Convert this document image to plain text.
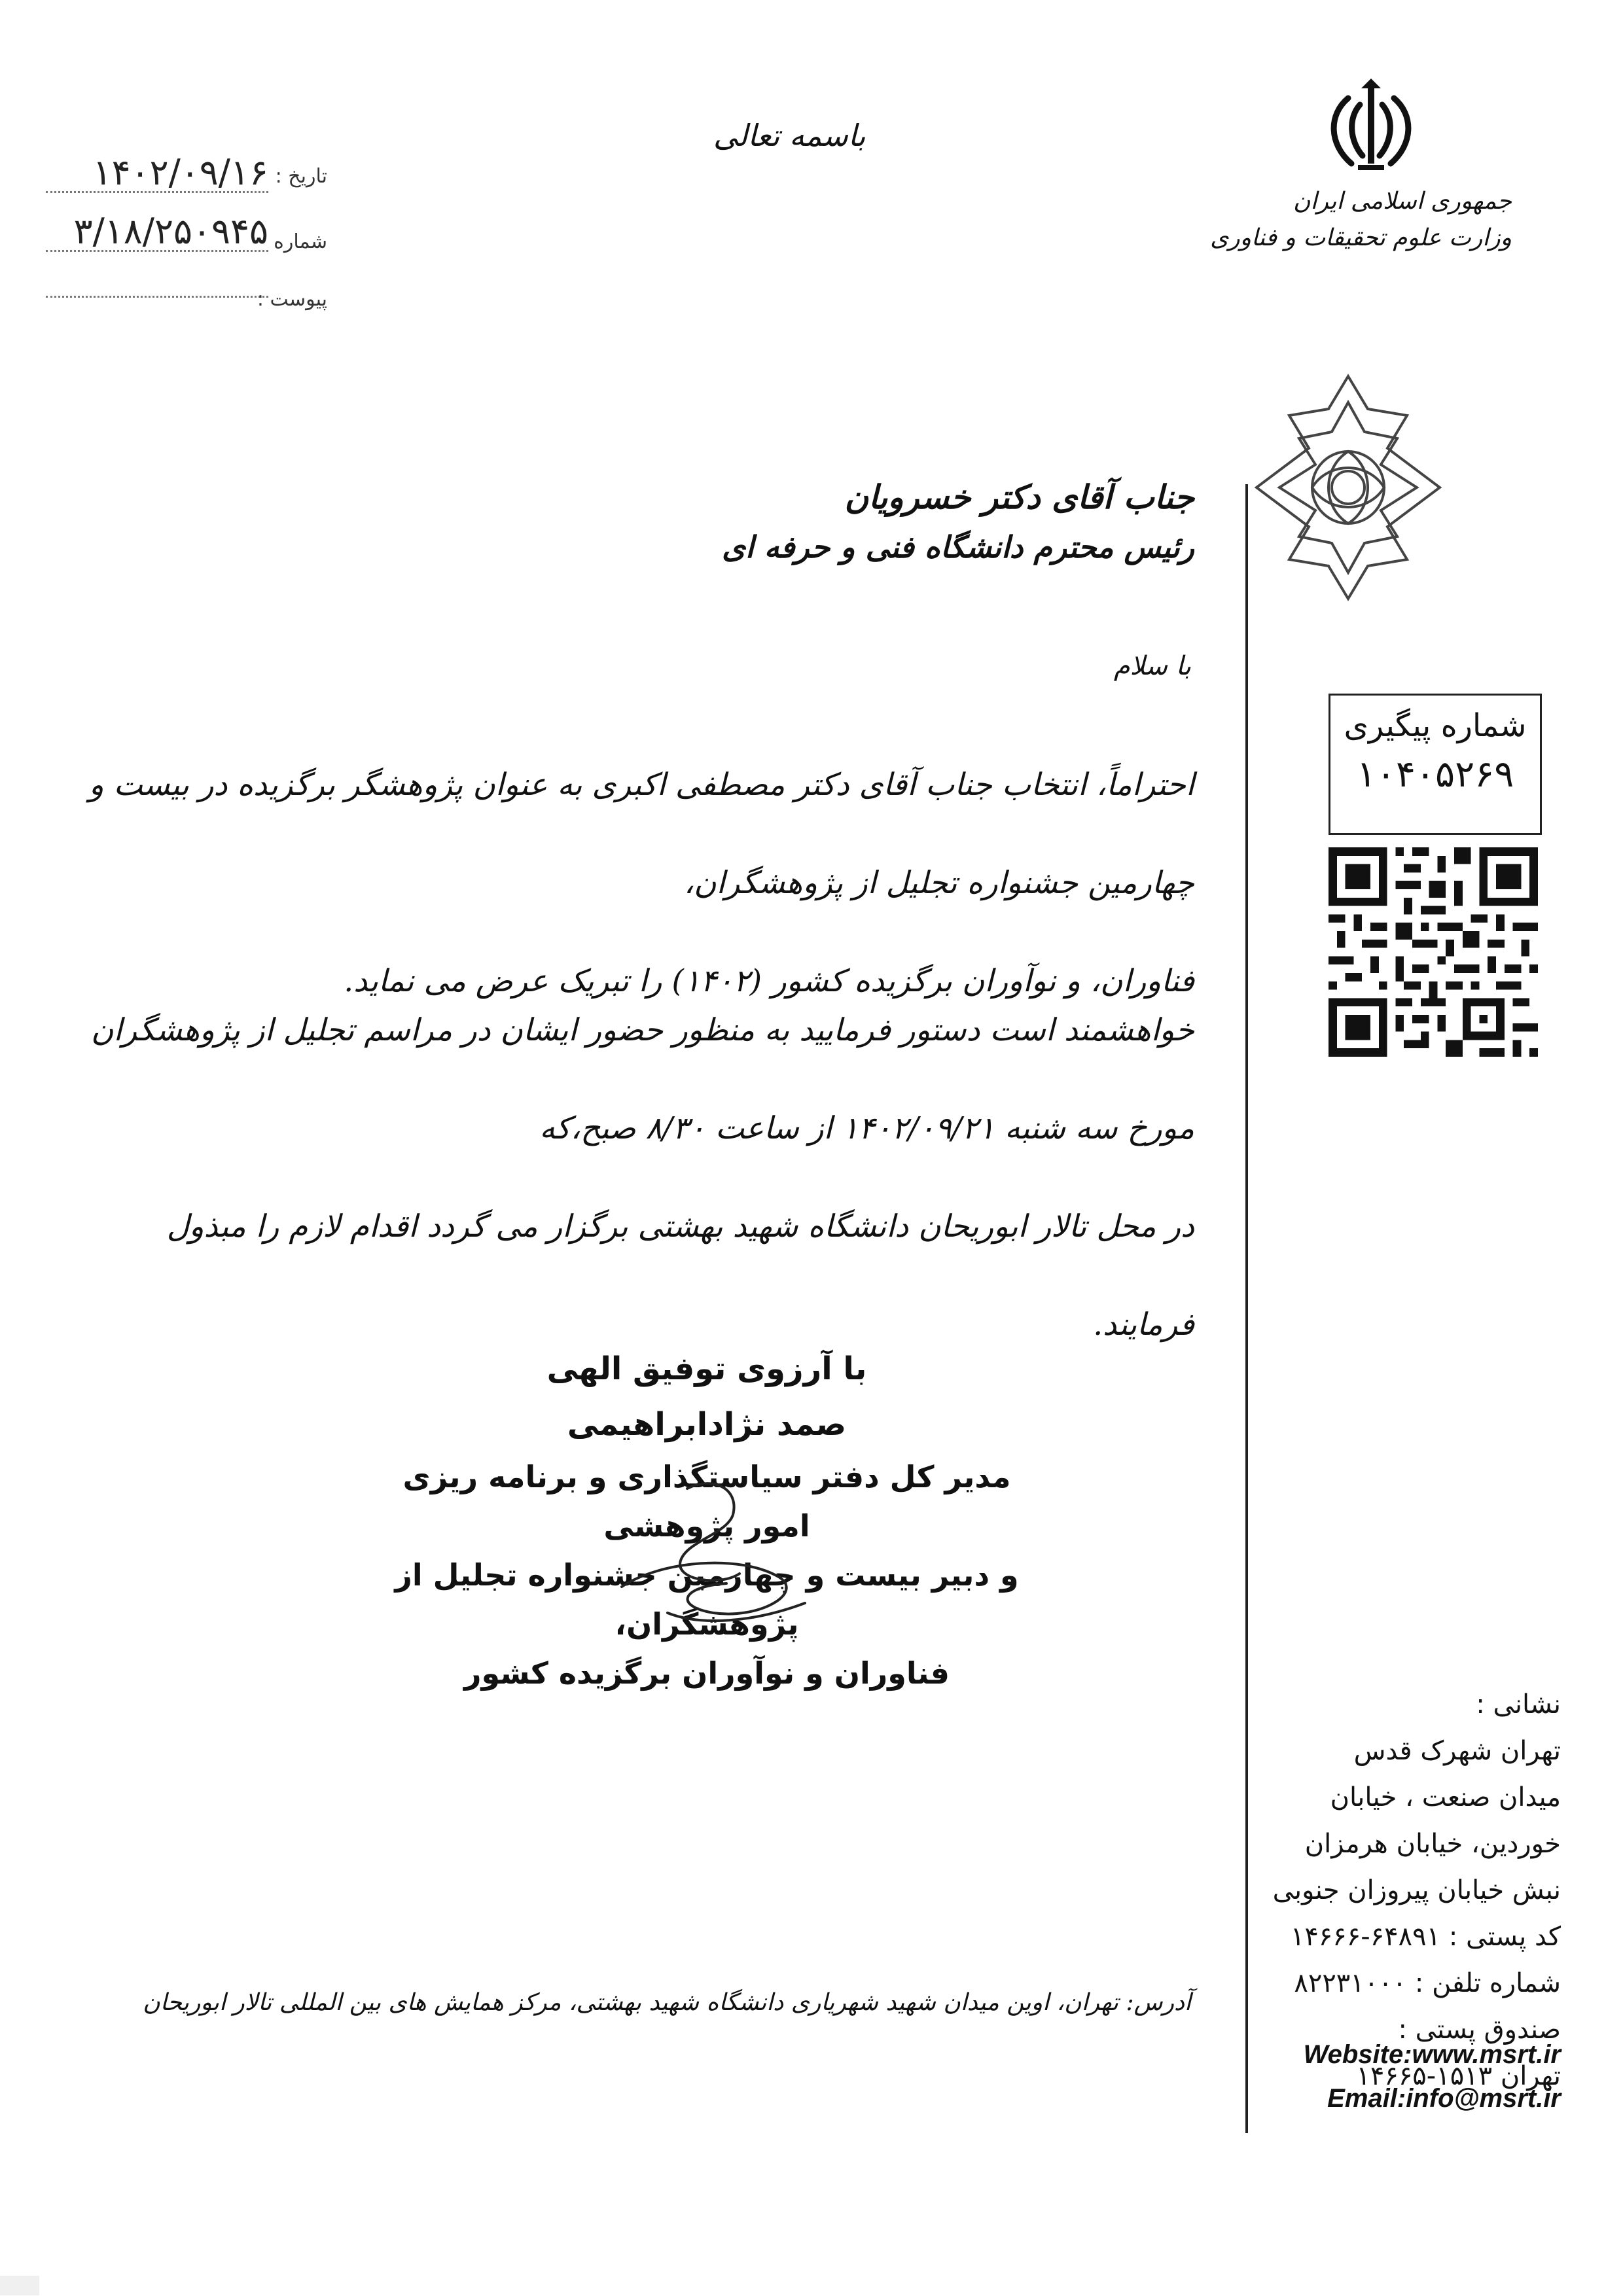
باسمه تعالی
۱۴۰۲/۰۹/۱۶ تاریخ :
۳/۱۸/۲۵۰۹۴۵ شماره
پیوست :
جمهوری اسلامی ایران
وزارت علوم تحقیقات و فناوری
شماره پیگیری
۱۰۴۰۵۲۶۹
جناب آقای دکتر خسرویان
رئیس محترم دانشگاه فنی و حرفه ای
با سلام
احتراماً، انتخاب جناب آقای دکتر مصطفی اکبری به عنوان پژوهشگر برگزیده در بیست و چهارمین جشنواره تجلیل از پژوهشگران،
فناوران، و نوآوران برگزیده کشور (۱۴۰۲) را تبریک عرض می نماید.
خواهشمند است دستور فرمایید به منظور حضور ایشان در مراسم تجلیل از پژوهشگران مورخ سه شنبه ۱۴۰۲/۰۹/۲۱ از ساعت ۸/۳۰ صبح،که
در محل تالار ابوریحان دانشگاه شهید بهشتی برگزار می گردد اقدام لازم را مبذول فرمایند.
با آرزوی توفیق الهی
صمد نژادابراهیمی
مدیر کل دفتر سیاستگذاری و برنامه ریزی امور پژوهشی
و دبیر بیست و چهارمین جشنواره تجلیل از پژوهشگران،
فناوران و نوآوران برگزیده کشور
نشانی :
تهران شهرک قدس
میدان صنعت ، خیابان
خوردین، خیابان هرمزان
نبش خیابان پیروزان جنوبی
کد پستی : ۶۴۸۹۱-۱۴۶۶۶
شماره تلفن : ۸۲۲۳۱۰۰۰
صندوق پستی :
تهران ۱۵۱۳-۱۴۶۶۵
Website:www.msrt.ir
Email:info@msrt.ir
آدرس: تهران، اوین میدان شهید شهریاری دانشگاه شهید بهشتی، مرکز همایش های بین المللی تالار ابوریحان
